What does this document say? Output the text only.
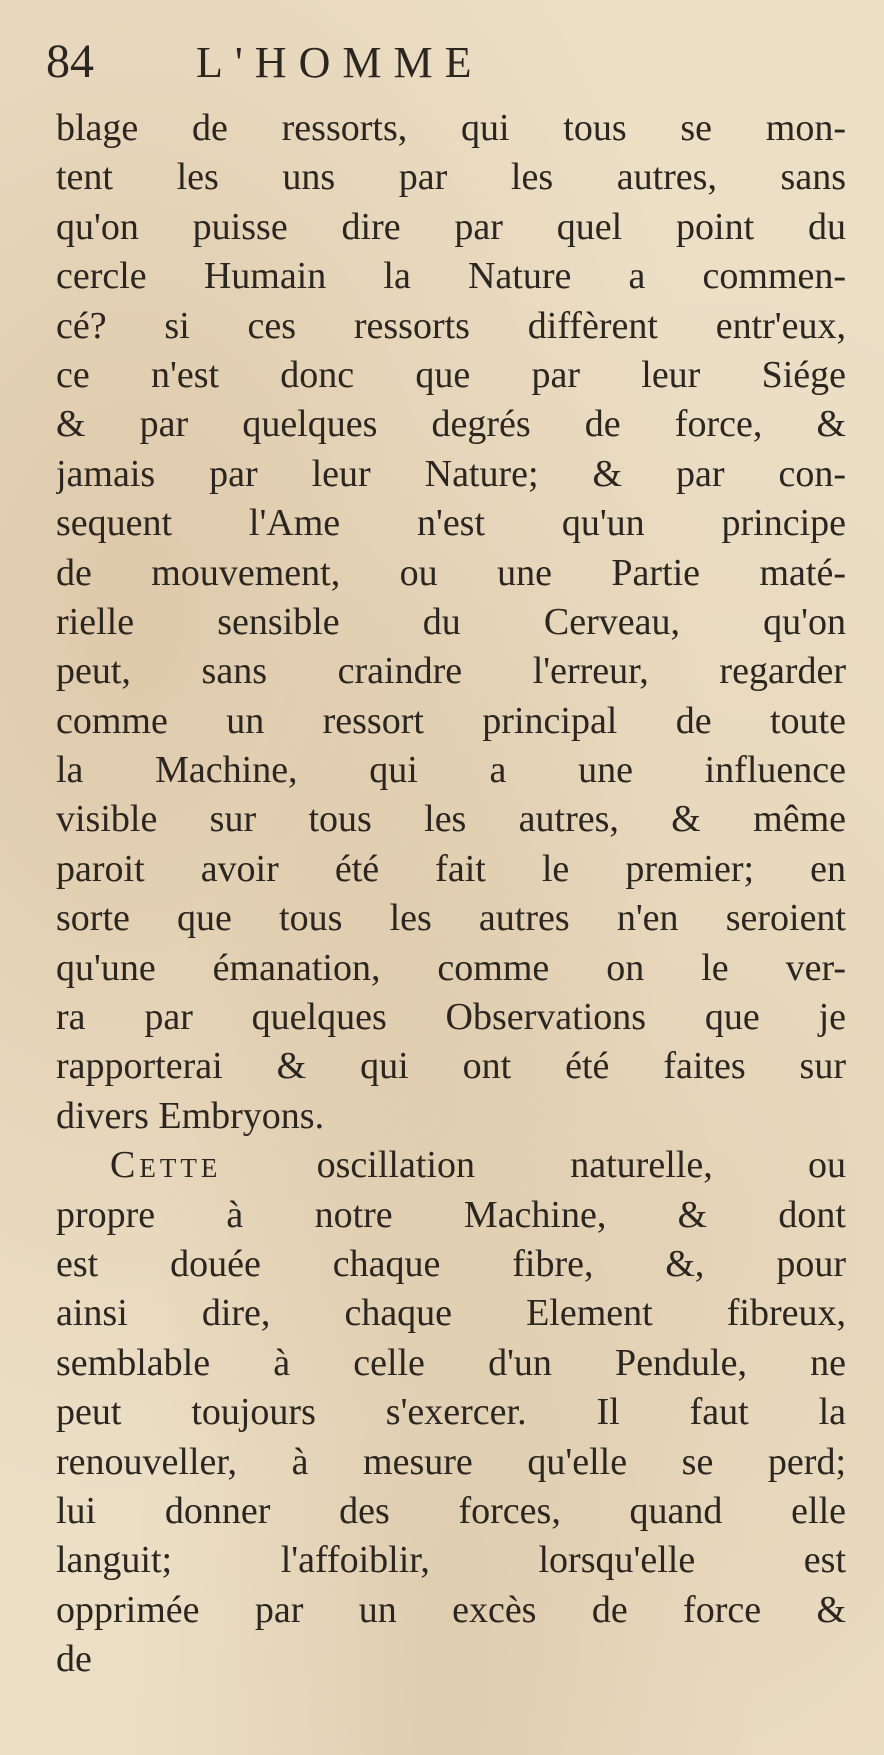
84	L'HOMME
blage de ressorts, qui tous se mon-
tent les uns par les autres, sans
qu'on puisse dire par quel point du
cercle Humain la Nature a commen-
cé? si ces ressorts diffèrent entr'eux,
ce n'est donc que par leur Siége
& par quelques degrés de force, &
jamais par leur Nature; & par con-
sequent l'Ame n'est qu'un principe
de mouvement, ou une Partie maté-
rielle sensible du Cerveau, qu'on
peut, sans craindre l'erreur, regarder
comme un ressort principal de toute
la Machine, qui a une influence
visible sur tous les autres, & même
paroit avoir été fait le premier; en
sorte que tous les autres n'en seroient
qu'une émanation, comme on le ver-
ra par quelques Observations que je
rapporterai & qui ont été faites sur
divers Embryons.
Cette	oscillation naturelle, ou
propre à notre Machine, & dont
est douée chaque fibre, &, pour
ainsi dire, chaque Element fibreux,
semblable à celle d'un Pendule, ne
peut toujours s'exercer. Il faut la
renouveller, à mesure qu'elle se perd;
lui donner des forces, quand elle
languit; l'affoiblir, lorsqu'elle est
opprimée par un excès de force &
de
